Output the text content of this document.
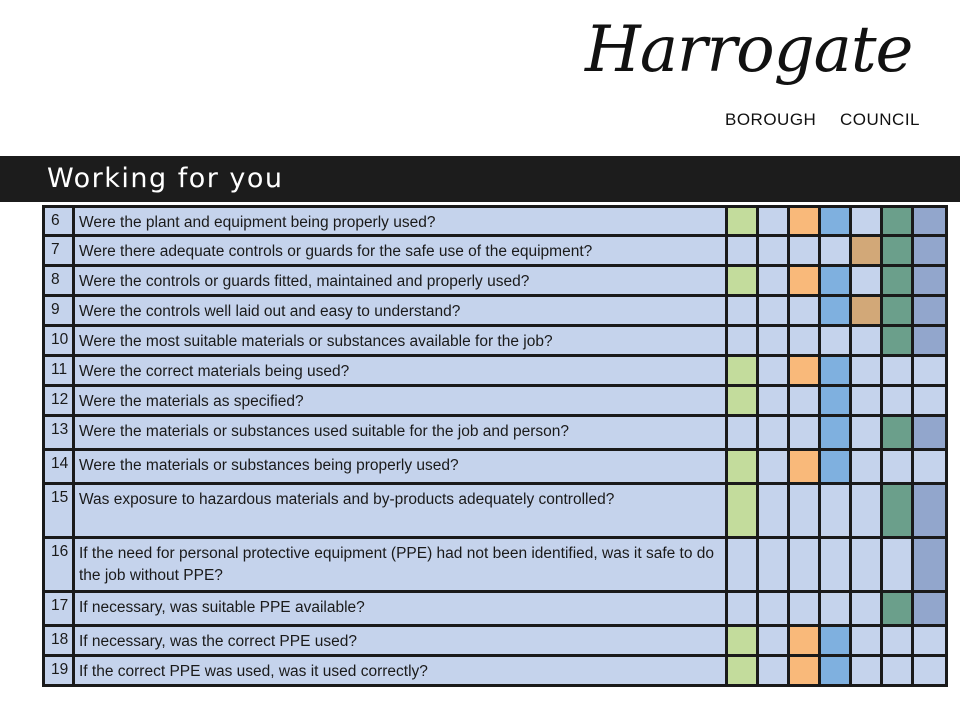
Harrogate
BOROUGH COUNCIL
Working for you
6	Were the plant and equipment being properly used?							
7	Were there adequate controls or guards for the safe use of the equipment?							
8	Were the controls or guards fitted, maintained and properly used?							
9	Were the controls well laid out and easy to understand?							
10	Were the most suitable materials or substances available for the job?							
11	Were the correct materials being used?							
12	Were the materials as specified?							
13	Were the materials or substances used suitable for the job and person?							
14	Were the materials or substances being properly used?							
15	Was exposure to hazardous materials and by-products adequately controlled?							
16	If the need for personal protective equipment (PPE) had not been identified, was it safe to do the job without PPE?							
17	If necessary, was suitable PPE available?							
18	If necessary, was the correct PPE used?							
19	If the correct PPE was used, was it used correctly?							
